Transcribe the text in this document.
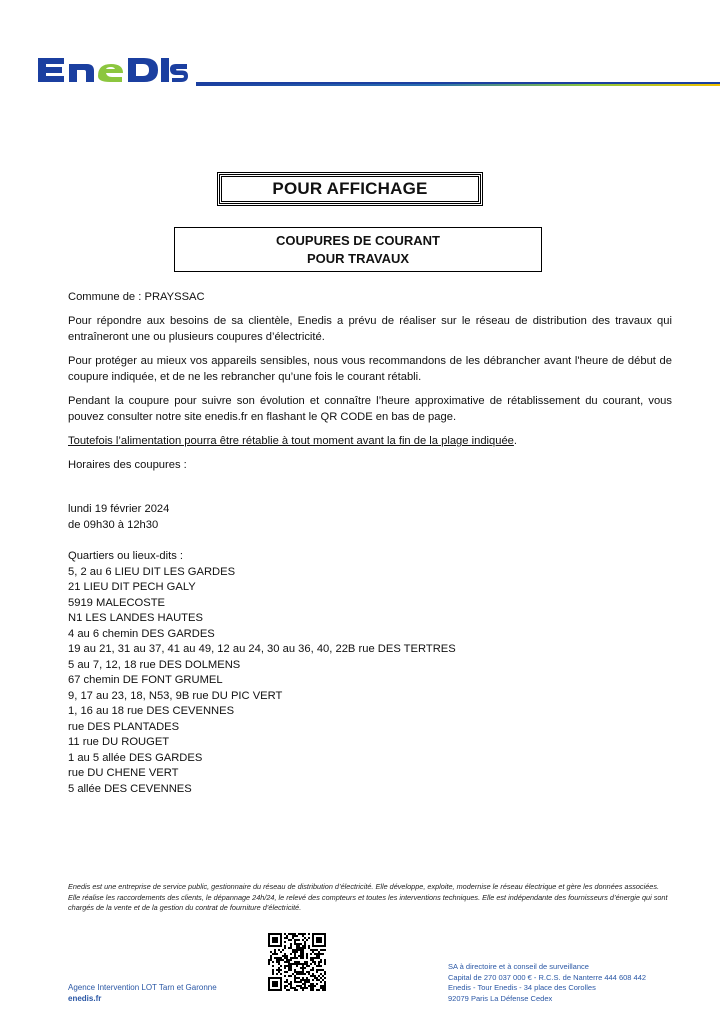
POUR AFFICHAGE
COUPURES DE COURANT
POUR TRAVAUX

Commune de : PRAYSSAC

Pour répondre aux besoins de sa clientèle, Enedis a prévu de réaliser sur le réseau de distribution des travaux qui entraîneront une ou plusieurs coupures d’électricité.

Pour protéger au mieux vos appareils sensibles, nous vous recommandons de les débrancher avant l'heure de début de coupure indiquée, et de ne les rebrancher qu’une fois le courant rétabli.

Pendant la coupure pour suivre son évolution et connaître l’heure approximative de rétablissement du courant, vous pouvez consulter notre site enedis.fr en flashant le QR CODE en bas de page.

Toutefois l’alimentation pourra être rétablie à tout moment avant la fin de la plage indiquée.

Horaires des coupures :

lundi 19 février 2024
de 09h30 à 12h30
Quartiers ou lieux-dits :
5, 2 au 6 LIEU DIT LES GARDES
21 LIEU DIT PECH GALY
5919 MALECOSTE
N1 LES LANDES HAUTES
4 au 6 chemin DES GARDES
19 au 21, 31 au 37, 41 au 49, 12 au 24, 30 au 36, 40, 22B rue DES TERTRES
5 au 7, 12, 18 rue DES DOLMENS
67 chemin DE FONT GRUMEL
9, 17 au 23, 18, N53, 9B rue DU PIC VERT
1, 16 au 18 rue DES CEVENNES
rue DES PLANTADES
11 rue DU ROUGET
1 au 5 allée DES GARDES
rue DU CHENE VERT
5 allée DES CEVENNES
Enedis est une entreprise de service public, gestionnaire du réseau de distribution d’électricité. Elle développe, exploite, modernise le réseau électrique et gère les données associées. Elle réalise les raccordements des clients, le dépannage 24h/24, le relevé des compteurs et toutes les interventions techniques. Elle est indépendante des fournisseurs d’énergie qui sont chargés de la vente et de la gestion du contrat de fourniture d’électricité.
Agence Intervention LOT Tarn et Garonne
enedis.fr
SA à directoire et à conseil de surveillance
Capital de 270 037 000 € - R.C.S. de Nanterre 444 608 442
Enedis - Tour Enedis - 34 place des Corolles
92079 Paris La Défense Cedex
